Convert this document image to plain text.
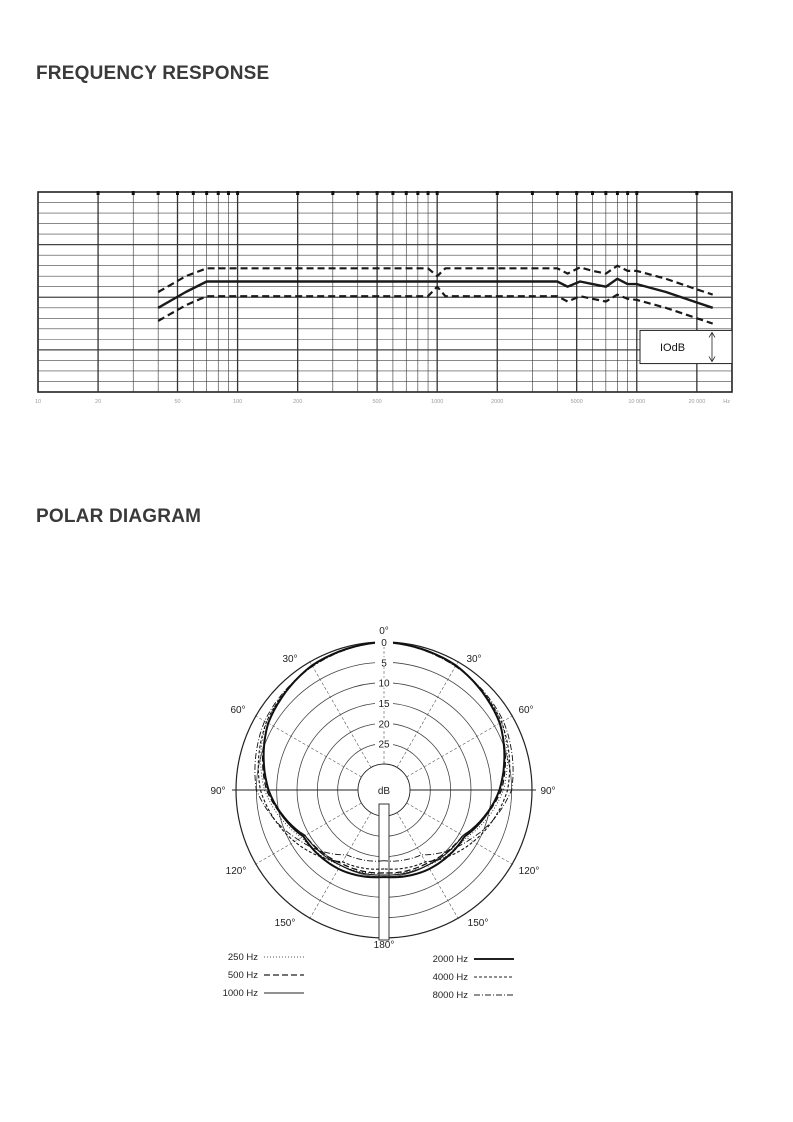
FREQUENCY RESPONSE
POLAR DIAGRAM
IOdB
10	20	50	100	200	500	1000	2000	5000	10 000	20 000	Hz
0°
30°
60°
90°
120°
150°
180°
150°
120°
90°
60°
30°
0
5
10
15
20
25
dB
250 Hz
500 Hz
1000 Hz
2000 Hz
4000 Hz
8000 Hz
